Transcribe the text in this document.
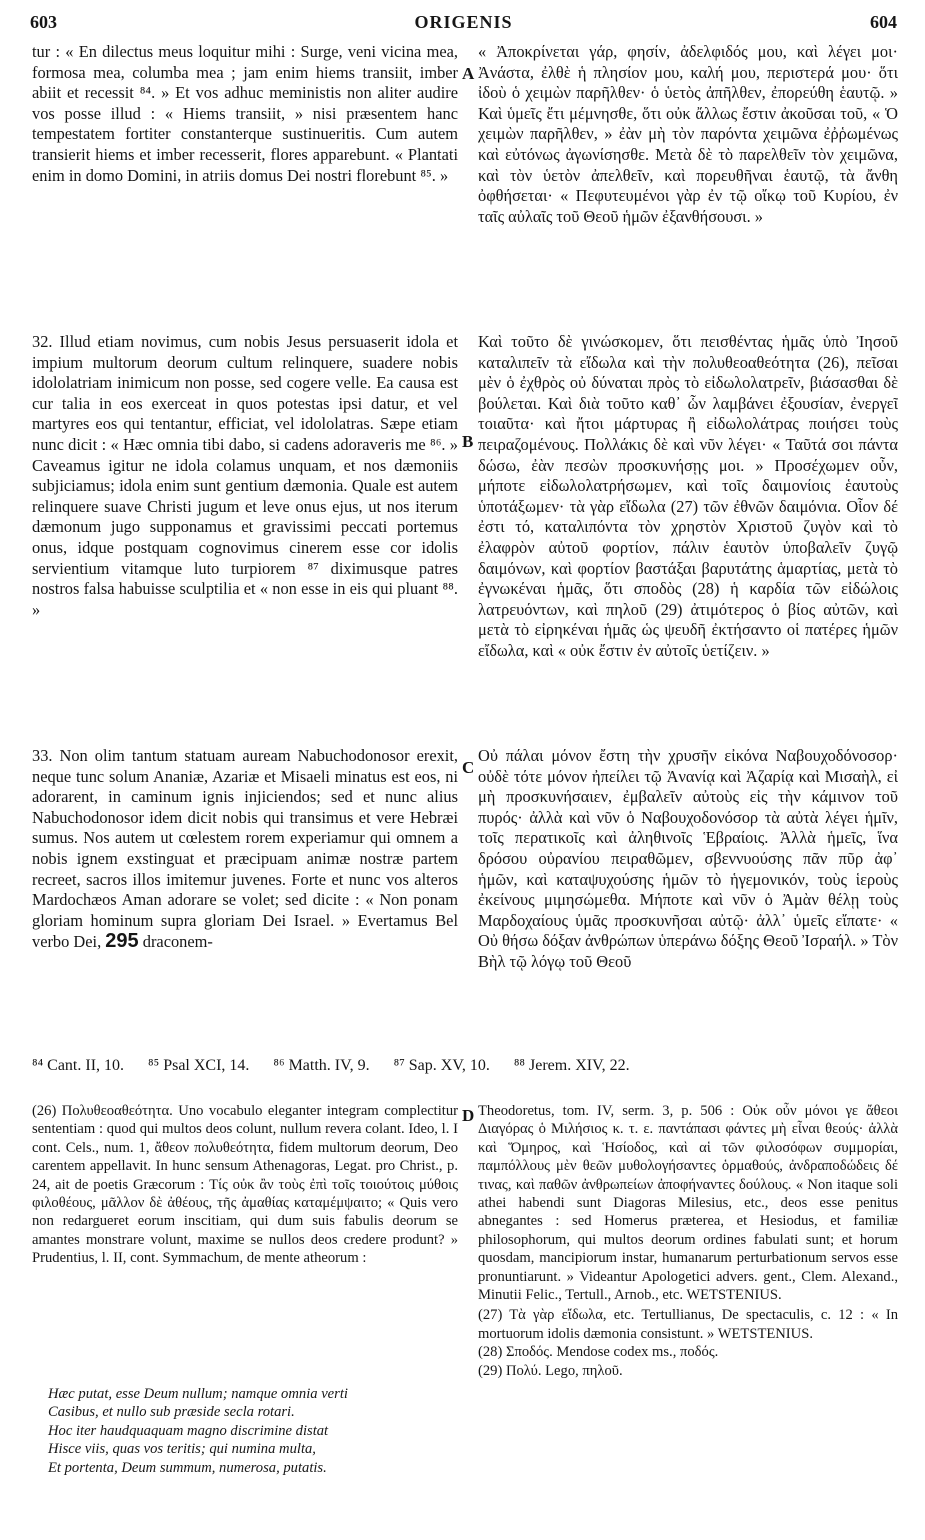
603	ORIGENIS	604

tur : « En dilectus meus loquitur mihi : Surge, veni vicina mea, formosa mea, columba mea ; jam enim hiems transiit, imber abiit et recessit ⁸⁴. » Et vos adhuc meministis non aliter audire vos posse illud : « Hiems transiit, » nisi præsentem hanc tempestatem fortiter constanterque sustinueritis. Cum autem transierit hiems et imber recesserit, flores apparebunt. « Plantati enim in domo Domini, in atriis domus Dei nostri florebunt ⁸⁵. »

32. Illud etiam novimus, cum nobis Jesus persuaserit idola et impium multorum deorum cultum relinquere, suadere nobis idololatriam inimicum non posse, sed cogere velle. Ea causa est cur talia in eos exerceat in quos potestas ipsi datur, et vel martyres eos qui tentantur, efficiat, vel idololatras. Sæpe etiam nunc dicit : « Hæc omnia tibi dabo, si cadens adoraveris me ⁸⁶. » Caveamus igitur ne idola colamus unquam, et nos dæmoniis subjiciamus; idola enim sunt gentium dæmonia. Quale est autem relinquere suave Christi jugum et leve onus ejus, ut nos iterum dæmonum jugo supponamus et gravissimi peccati portemus onus, idque postquam cognovimus cinerem esse cor idolis servientium vitamque luto turpiorem ⁸⁷ diximusque patres nostros falsa habuisse sculptilia et « non esse in eis qui pluant ⁸⁸. »

33. Non olim tantum statuam auream Nabuchodonosor erexit, neque tunc solum Ananiæ, Azariæ et Misaeli minatus est eos, ni adorarent, in caminum ignis injiciendos; sed et nunc alius Nabuchodonosor idem dicit nobis qui transimus et vere Hebræi sumus. Nos autem ut cœlestem rorem experiamur qui omnem a nobis ignem exstinguat et præcipuam animæ nostræ partem recreet, sacros illos imitemur juvenes. Forte et nunc vos alteros Mardochæos Aman adorare se volet; sed dicite : « Non ponam gloriam hominum supra gloriam Dei Israel. » Evertamus Bel verbo Dei, 295 draconem-

« Ἀποκρίνεται γάρ, φησίν, ἀδελφιδός μου, καὶ λέγει μοι· Ἀνάστα, ἐλθὲ ἡ πλησίον μου, καλή μου, περιστερά μου· ὅτι ἰδοὺ ὁ χειμὼν παρῆλθεν· ὁ ὑετὸς ἀπῆλθεν, ἐπορεύθη ἑαυτῷ. » Καὶ ὑμεῖς ἔτι μέμνησθε, ὅτι οὐκ ἄλλως ἔστιν ἀκοῦσαι τοῦ, « Ὁ χειμὼν παρῆλθεν, » ἐὰν μὴ τὸν παρόντα χειμῶνα ἐῤῥωμένως καὶ εὐτόνως ἀγωνίσησθε. Μετὰ δὲ τὸ παρελθεῖν τὸν χειμῶνα, καὶ τὸν ὑετὸν ἀπελθεῖν, καὶ πορευθῆναι ἑαυτῷ, τὰ ἄνθη ὀφθήσεται· « Πεφυτευμένοι γὰρ ἐν τῷ οἴκῳ τοῦ Κυρίου, ἐν ταῖς αὐλαῖς τοῦ Θεοῦ ἡμῶν ἐξανθήσουσι. »

Καὶ τοῦτο δὲ γινώσκομεν, ὅτι πεισθέντας ἡμᾶς ὑπὸ Ἰησοῦ καταλιπεῖν τὰ εἴδωλα καὶ τὴν πολυθεοαθεότητα (26), πεῖσαι μὲν ὁ ἐχθρὸς οὐ δύναται πρὸς τὸ εἰδωλολατρεῖν, βιάσασθαι δὲ βούλεται. Καὶ διὰ τοῦτο καθ᾽ ὧν λαμβάνει ἐξουσίαν, ἐνεργεῖ τοιαῦτα· καὶ ἤτοι μάρτυρας ἢ εἰδωλολάτρας ποιήσει τοὺς πειραζομένους. Πολλάκις δὲ καὶ νῦν λέγει· « Ταῦτά σοι πάντα δώσω, ἐὰν πεσὼν προσκυνήσῃς μοι. » Προσέχωμεν οὖν, μήποτε εἰδωλολατρήσωμεν, καὶ τοῖς δαιμονίοις ἑαυτοὺς ὑποτάξωμεν· τὰ γὰρ εἴδωλα (27) τῶν ἐθνῶν δαιμόνια. Οἷον δέ ἐστι τό, καταλιπόντα τὸν χρηστὸν Χριστοῦ ζυγὸν καὶ τὸ ἐλαφρὸν αὐτοῦ φορτίον, πάλιν ἑαυτὸν ὑποβαλεῖν ζυγῷ δαιμόνων, καὶ φορτίον βαστάξαι βαρυτάτης ἁμαρτίας, μετὰ τὸ ἐγνωκέναι ἡμᾶς, ὅτι σποδὸς (28) ἡ καρδία τῶν εἰδώλοις λατρευόντων, καὶ πηλοῦ (29) ἀτιμότερος ὁ βίος αὐτῶν, καὶ μετὰ τὸ εἰρηκέναι ἡμᾶς ὡς ψευδῆ ἐκτήσαντο οἱ πατέρες ἡμῶν εἴδωλα, καὶ « οὐκ ἔστιν ἐν αὐτοῖς ὑετίζειν. »

Οὐ πάλαι μόνον ἔστη τὴν χρυσῆν εἰκόνα Ναβουχοδόνοσορ· οὐδὲ τότε μόνον ἠπείλει τῷ Ἀνανίᾳ καὶ Ἀζαρίᾳ καὶ Μισαὴλ, εἰ μὴ προσκυνήσαιεν, ἐμβαλεῖν αὐτοὺς εἰς τὴν κάμινον τοῦ πυρός· ἀλλὰ καὶ νῦν ὁ Ναβουχοδονόσορ τὰ αὐτὰ λέγει ἡμῖν, τοῖς περατικοῖς καὶ ἀληθινοῖς Ἑβραίοις. Ἀλλὰ ἡμεῖς, ἵνα δρόσου οὐρανίου πειραθῶμεν, σβεννυούσης πᾶν πῦρ ἀφ᾽ ἡμῶν, καὶ καταψυχούσης ἡμῶν τὸ ἡγεμονικόν, τοὺς ἱεροὺς ἐκείνους μιμησώμεθα. Μήποτε καὶ νῦν ὁ Ἀμὰν θέλῃ τοὺς Μαρδοχαίους ὑμᾶς προσκυνῆσαι αὐτῷ· ἀλλ᾽ ὑμεῖς εἴπατε· « Οὐ θήσω δόξαν ἀνθρώπων ὑπεράνω δόξης Θεοῦ Ἰσραήλ. » Τὸν Βὴλ τῷ λόγῳ τοῦ Θεοῦ

A
B
C
D
⁸⁴ Cant. II, 10. ⁸⁵ Psal XCI, 14. ⁸⁶ Matth. IV, 9. ⁸⁷ Sap. XV, 10. ⁸⁸ Jerem. XIV, 22.

(26) Πολυθεοαθεότητα. Uno vocabulo eleganter integram complectitur sententiam : quod qui multos deos colunt, nullum revera colant. Ideo, l. I cont. Cels., num. 1, ἄθεον πολυθεότητα, fidem multorum deorum, Deo carentem appellavit. In hunc sensum Athenagoras, Legat. pro Christ., p. 24, ait de poetis Græcorum : Τίς οὐκ ἂν τοὺς ἐπὶ τοῖς τοιούτοις μύθοις φιλοθέους, μᾶλλον δὲ ἀθέους, τῆς ἀμαθίας καταμέμψαιτο; « Quis vero non redargueret eorum inscitiam, qui dum suis fabulis deorum se amantes monstrare volunt, maxime se nullos deos credere produnt? » Prudentius, l. II, cont. Symmachum, de mente atheorum :

Hæc putat, esse Deum nullum; namque omnia verti
Casibus, et nullo sub præside secla rotari.
Hoc iter haudquaquam magno discrimine distat
Hisce viis, quas vos teritis; qui numina multa,
Et portenta, Deum summum, numerosa, putatis.

Theodoretus, tom. IV, serm. 3, p. 506 : Οὐκ οὖν μόνοι γε ἄθεοι Διαγόρας ὁ Μιλήσιος κ. τ. ε. παντάπασι φάντες μὴ εἶναι θεούς· ἀλλὰ καὶ Ὅμηρος, καὶ Ἡσίοδος, καὶ αἱ τῶν φιλοσόφων συμμορίαι, παμπόλλους μὲν θεῶν μυθολογήσαντες ὁρμαθούς, ἀνδραποδώδεις δέ τινας, καὶ παθῶν ἀνθρωπείων ἀποφήναντες δούλους. « Non itaque soli athei habendi sunt Diagoras Milesius, etc., deos esse penitus abnegantes : sed Homerus præterea, et Hesiodus, et familiæ philosophorum, qui multos deorum ordines fabulati sunt; et horum quosdam, mancipiorum instar, humanarum perturbationum servos esse pronuntiarunt. » Videantur Apologetici advers. gent., Clem. Alexand., Minutii Felic., Tertull., Arnob., etc. WETSTENIUS.

(27) Τὰ γὰρ εἴδωλα, etc. Tertullianus, De spectaculis, c. 12 : « In mortuorum idolis dæmonia consistunt. » WETSTENIUS.

(28) Σποδός. Mendose codex ms., ποδός.

(29) Πολύ. Lego, πηλοῦ.
